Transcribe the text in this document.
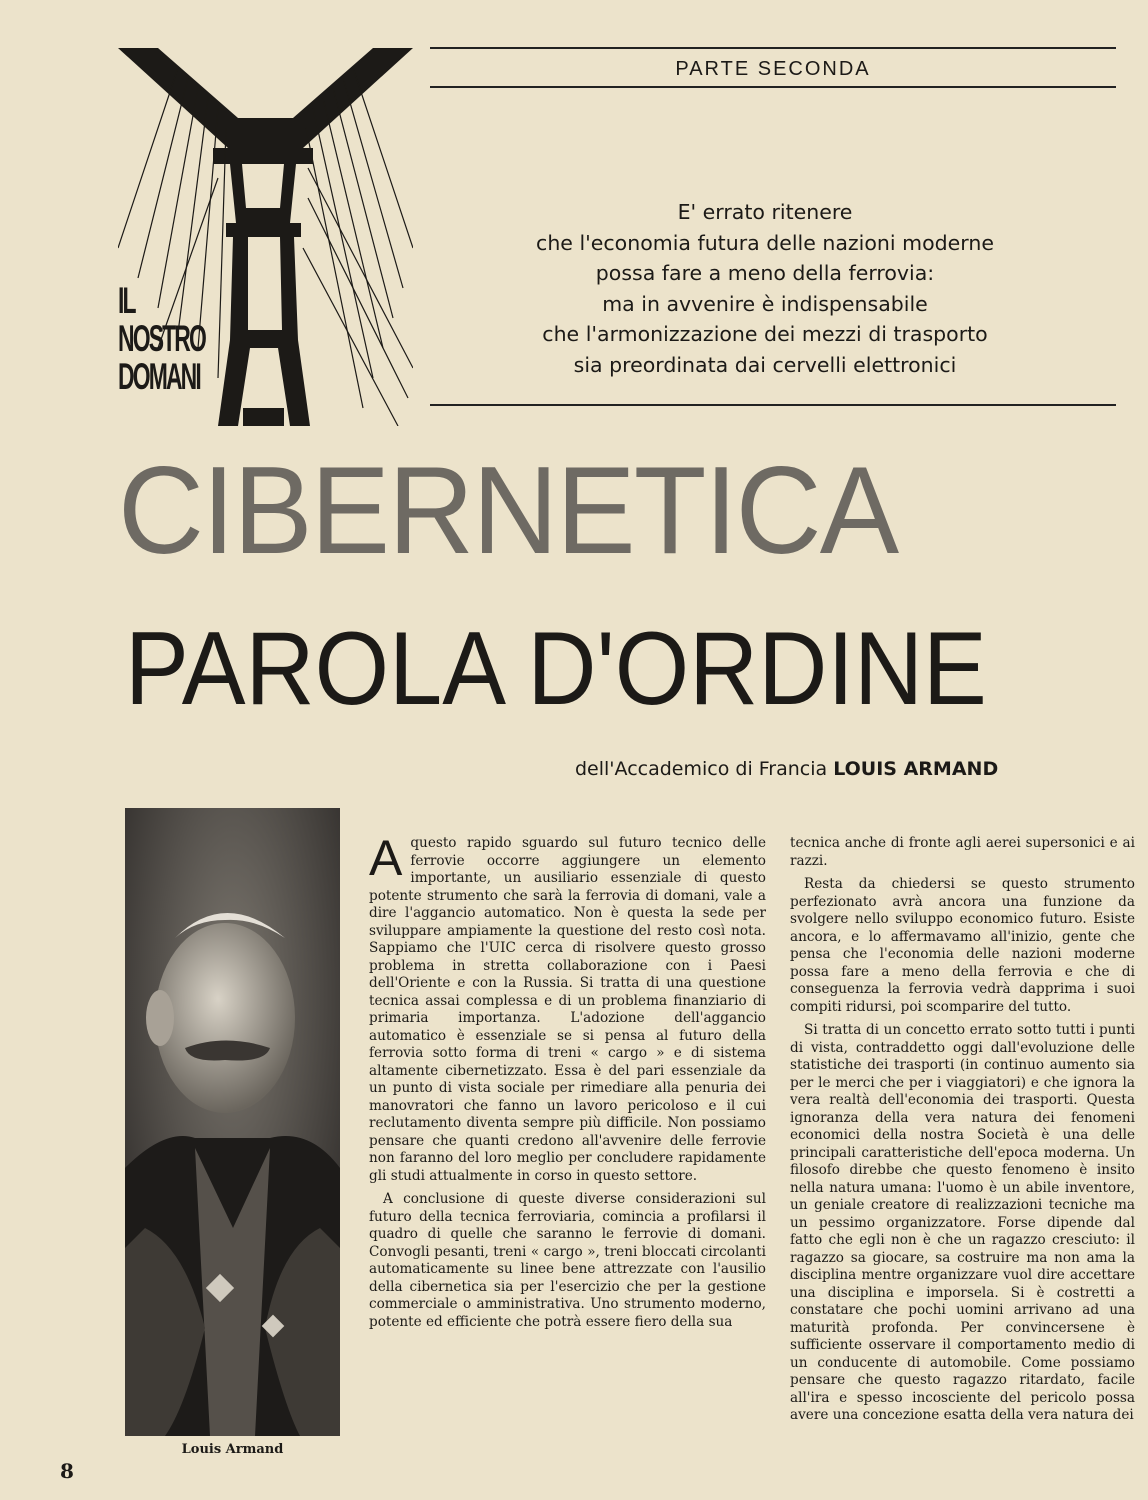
IL
NOSTRO
DOMANI
PARTE SECONDA
E' errato ritenere
che l'economia futura delle nazioni moderne
possa fare a meno della ferrovia:
ma in avvenire è indispensabile
che l'armonizzazione dei mezzi di trasporto
sia preordinata dai cervelli elettronici
CIBERNETICA
PAROLA D'ORDINE
dell'Accademico di Francia LOUIS ARMAND
Louis Armand

Aquesto rapido sguardo sul futuro tecnico delle ferrovie occorre aggiungere un elemento importante, un ausiliario essenziale di questo potente strumento che sarà la ferrovia di domani, vale a dire l'aggancio automatico. Non è questa la sede per sviluppare ampiamente la questione del resto così nota. Sappiamo che l'UIC cerca di risolvere questo grosso problema in stretta collaborazione con i Paesi dell'Oriente e con la Russia. Si tratta di una questione tecnica assai complessa e di un problema finanziario di primaria importanza. L'adozione dell'aggancio automatico è essenziale se si pensa al futuro della ferrovia sotto forma di treni « cargo » e di sistema altamente cibernetizzato. Essa è del pari essenziale da un punto di vista sociale per rimediare alla penuria dei manovratori che fanno un lavoro pericoloso e il cui reclutamento diventa sempre più difficile. Non possiamo pensare che quanti credono all'avvenire delle ferrovie non faranno del loro meglio per concludere rapidamente gli studi attualmente in corso in questo settore.

A conclusione di queste diverse considerazioni sul futuro della tecnica ferroviaria, comincia a profilarsi il quadro di quelle che saranno le ferrovie di domani. Convogli pesanti, treni « cargo », treni bloccati circolanti automaticamente su linee bene attrezzate con l'ausilio della cibernetica sia per l'esercizio che per la gestione commerciale o amministrativa. Uno strumento moderno, potente ed efficiente che potrà essere fiero della sua

tecnica anche di fronte agli aerei supersonici e ai razzi.

Resta da chiedersi se questo strumento perfezionato avrà ancora una funzione da svolgere nello sviluppo economico futuro. Esiste ancora, e lo affermavamo all'inizio, gente che pensa che l'economia delle nazioni moderne possa fare a meno della ferrovia e che di conseguenza la ferrovia vedrà dapprima i suoi compiti ridursi, poi scomparire del tutto.

Si tratta di un concetto errato sotto tutti i punti di vista, contraddetto oggi dall'evoluzione delle statistiche dei trasporti (in continuo aumento sia per le merci che per i viaggiatori) e che ignora la vera realtà dell'economia dei trasporti. Questa ignoranza della vera natura dei fenomeni economici della nostra Società è una delle principali caratteristiche dell'epoca moderna. Un filosofo direbbe che questo fenomeno è insito nella natura umana: l'uomo è un abile inventore, un geniale creatore di realizzazioni tecniche ma un pessimo organizzatore. Forse dipende dal fatto che egli non è che un ragazzo cresciuto: il ragazzo sa giocare, sa costruire ma non ama la disciplina mentre organizzare vuol dire accettare una disciplina e imporsela. Si è costretti a constatare che pochi uomini arrivano ad una maturità profonda. Per convincersene è sufficiente osservare il comportamento medio di un conducente di automobile. Come possiamo pensare che questo ragazzo ritardato, facile all'ira e spesso incosciente del pericolo possa avere una concezione esatta della vera natura dei

8
